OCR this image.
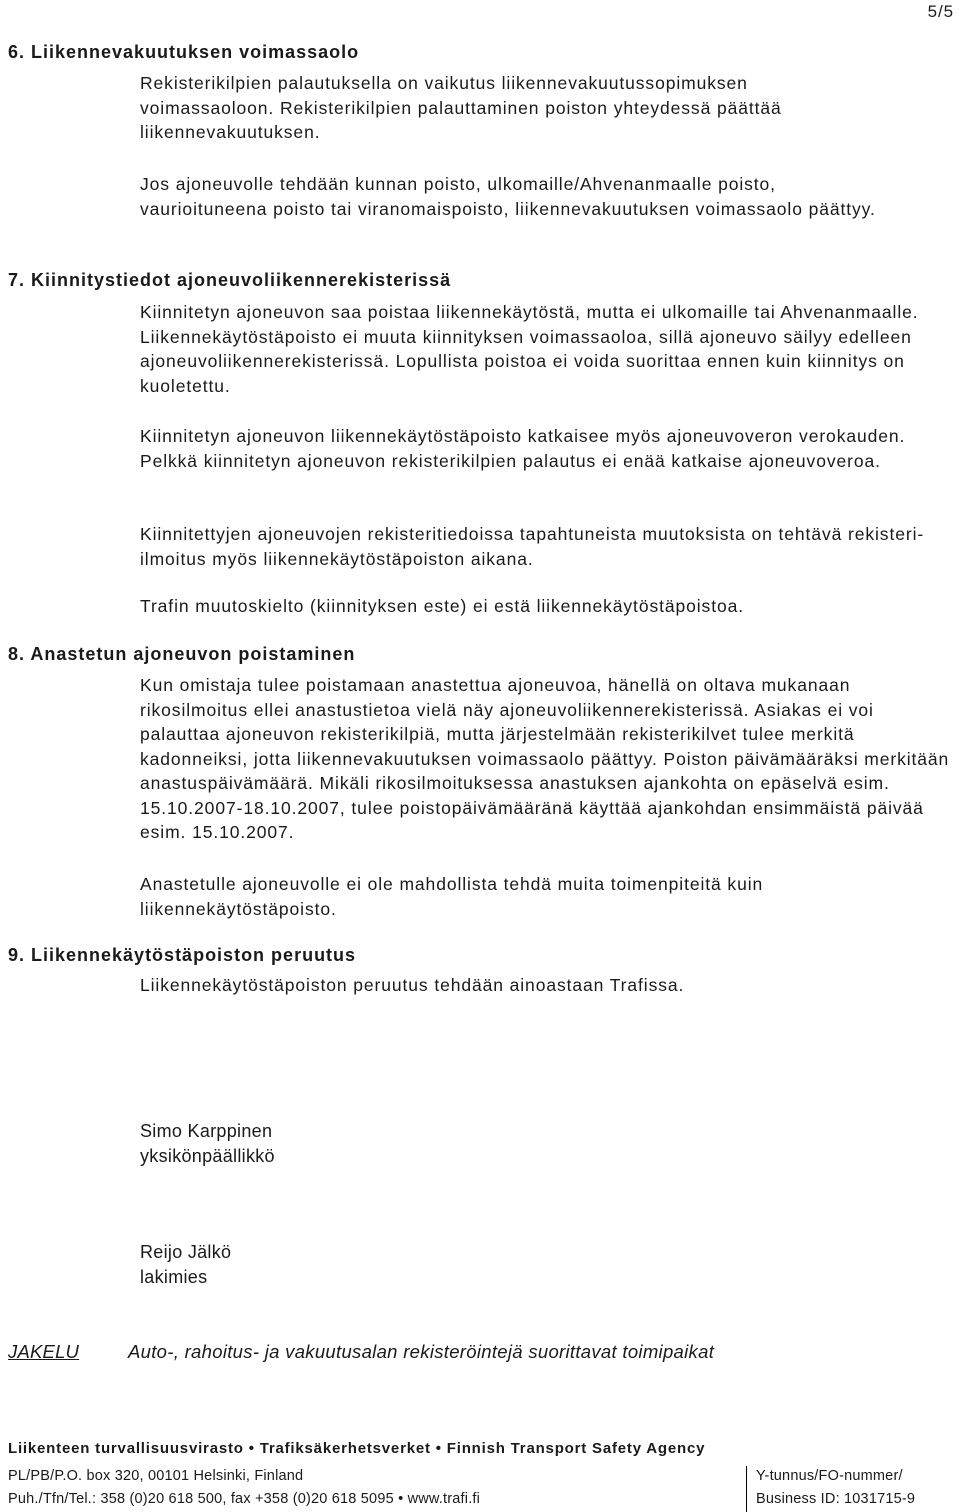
5/5
6. Liikennevakuutuksen voimassaolo
Rekisterikilpien palautuksella on vaikutus liikennevakuutussopimuksen voimassaoloon. Rekisterikilpien palauttaminen poiston yhteydessä päättää liikennevakuutuksen.
Jos ajoneuvolle tehdään kunnan poisto, ulkomaille/Ahvenanmaalle poisto, vaurioituneena poisto tai viranomaispoisto, liikennevakuutuksen voimassaolo päättyy.
7. Kiinnitystiedot ajoneuvoliikennerekisterissä
Kiinnitetyn ajoneuvon saa poistaa liikennekäytöstä, mutta ei ulkomaille tai Ahvenanmaalle. Liikennekäytöstäpoisto ei muuta kiinnityksen voimassaoloa, sillä ajoneuvo säilyy edelleen ajoneuvoliikennerekisterissä. Lopullista poistoa ei voida suorittaa ennen kuin kiinnitys on kuoletettu.
Kiinnitetyn ajoneuvon liikennekäytöstäpoisto katkaisee myös ajoneuvoveron verokauden. Pelkkä kiinnitetyn ajoneuvon rekisterikilpien palautus ei enää katkaise ajoneuvoveroa.
Kiinnitettyjen ajoneuvojen rekisteritiedoissa tapahtuneista muutoksista on tehtävä rekisteri-ilmoitus myös liikennekäytöstäpoiston aikana.
Trafin muutoskielto (kiinnityksen este) ei estä liikennekäytöstäpoistoa.
8. Anastetun ajoneuvon poistaminen
Kun omistaja tulee poistamaan anastettua ajoneuvoa, hänellä on oltava mukanaan rikosilmoitus ellei anastustietoa vielä näy ajoneuvoliikennerekisterissä. Asiakas ei voi palauttaa ajoneuvon rekisterikilpiä, mutta järjestelmään rekisterikilvet tulee merkitä kadonneiksi, jotta liikennevakuutuksen voimassaolo päättyy. Poiston päivämääräksi merkitään anastuspäivämäärä. Mikäli rikosilmoituksessa anastuksen ajankohta on epäselvä esim. 15.10.2007-18.10.2007, tulee poistopäivämääränä käyttää ajankohdan ensimmäistä päivää esim. 15.10.2007.
Anastetulle ajoneuvolle ei ole mahdollista tehdä muita toimenpiteitä kuin liikennekäytöstäpoisto.
9. Liikennekäytöstäpoiston peruutus
Liikennekäytöstäpoiston peruutus tehdään ainoastaan Trafissa.
Simo Karppinen
yksikönpäällikkö
Reijo Jälkö
lakimies
JAKELU	Auto-, rahoitus- ja vakuutusalan rekisteröintejä suorittavat toimipaikat
Liikenteen turvallisuusvirasto • Trafiksäkerhetsverket • Finnish Transport Safety Agency
PL/PB/P.O. box 320, 00101 Helsinki, Finland
Puh./Tfn/Tel.: 358 (0)20 618 500, fax +358 (0)20 618 5095 • www.trafi.fi
Y-tunnus/FO-nummer/
Business ID: 1031715-9
